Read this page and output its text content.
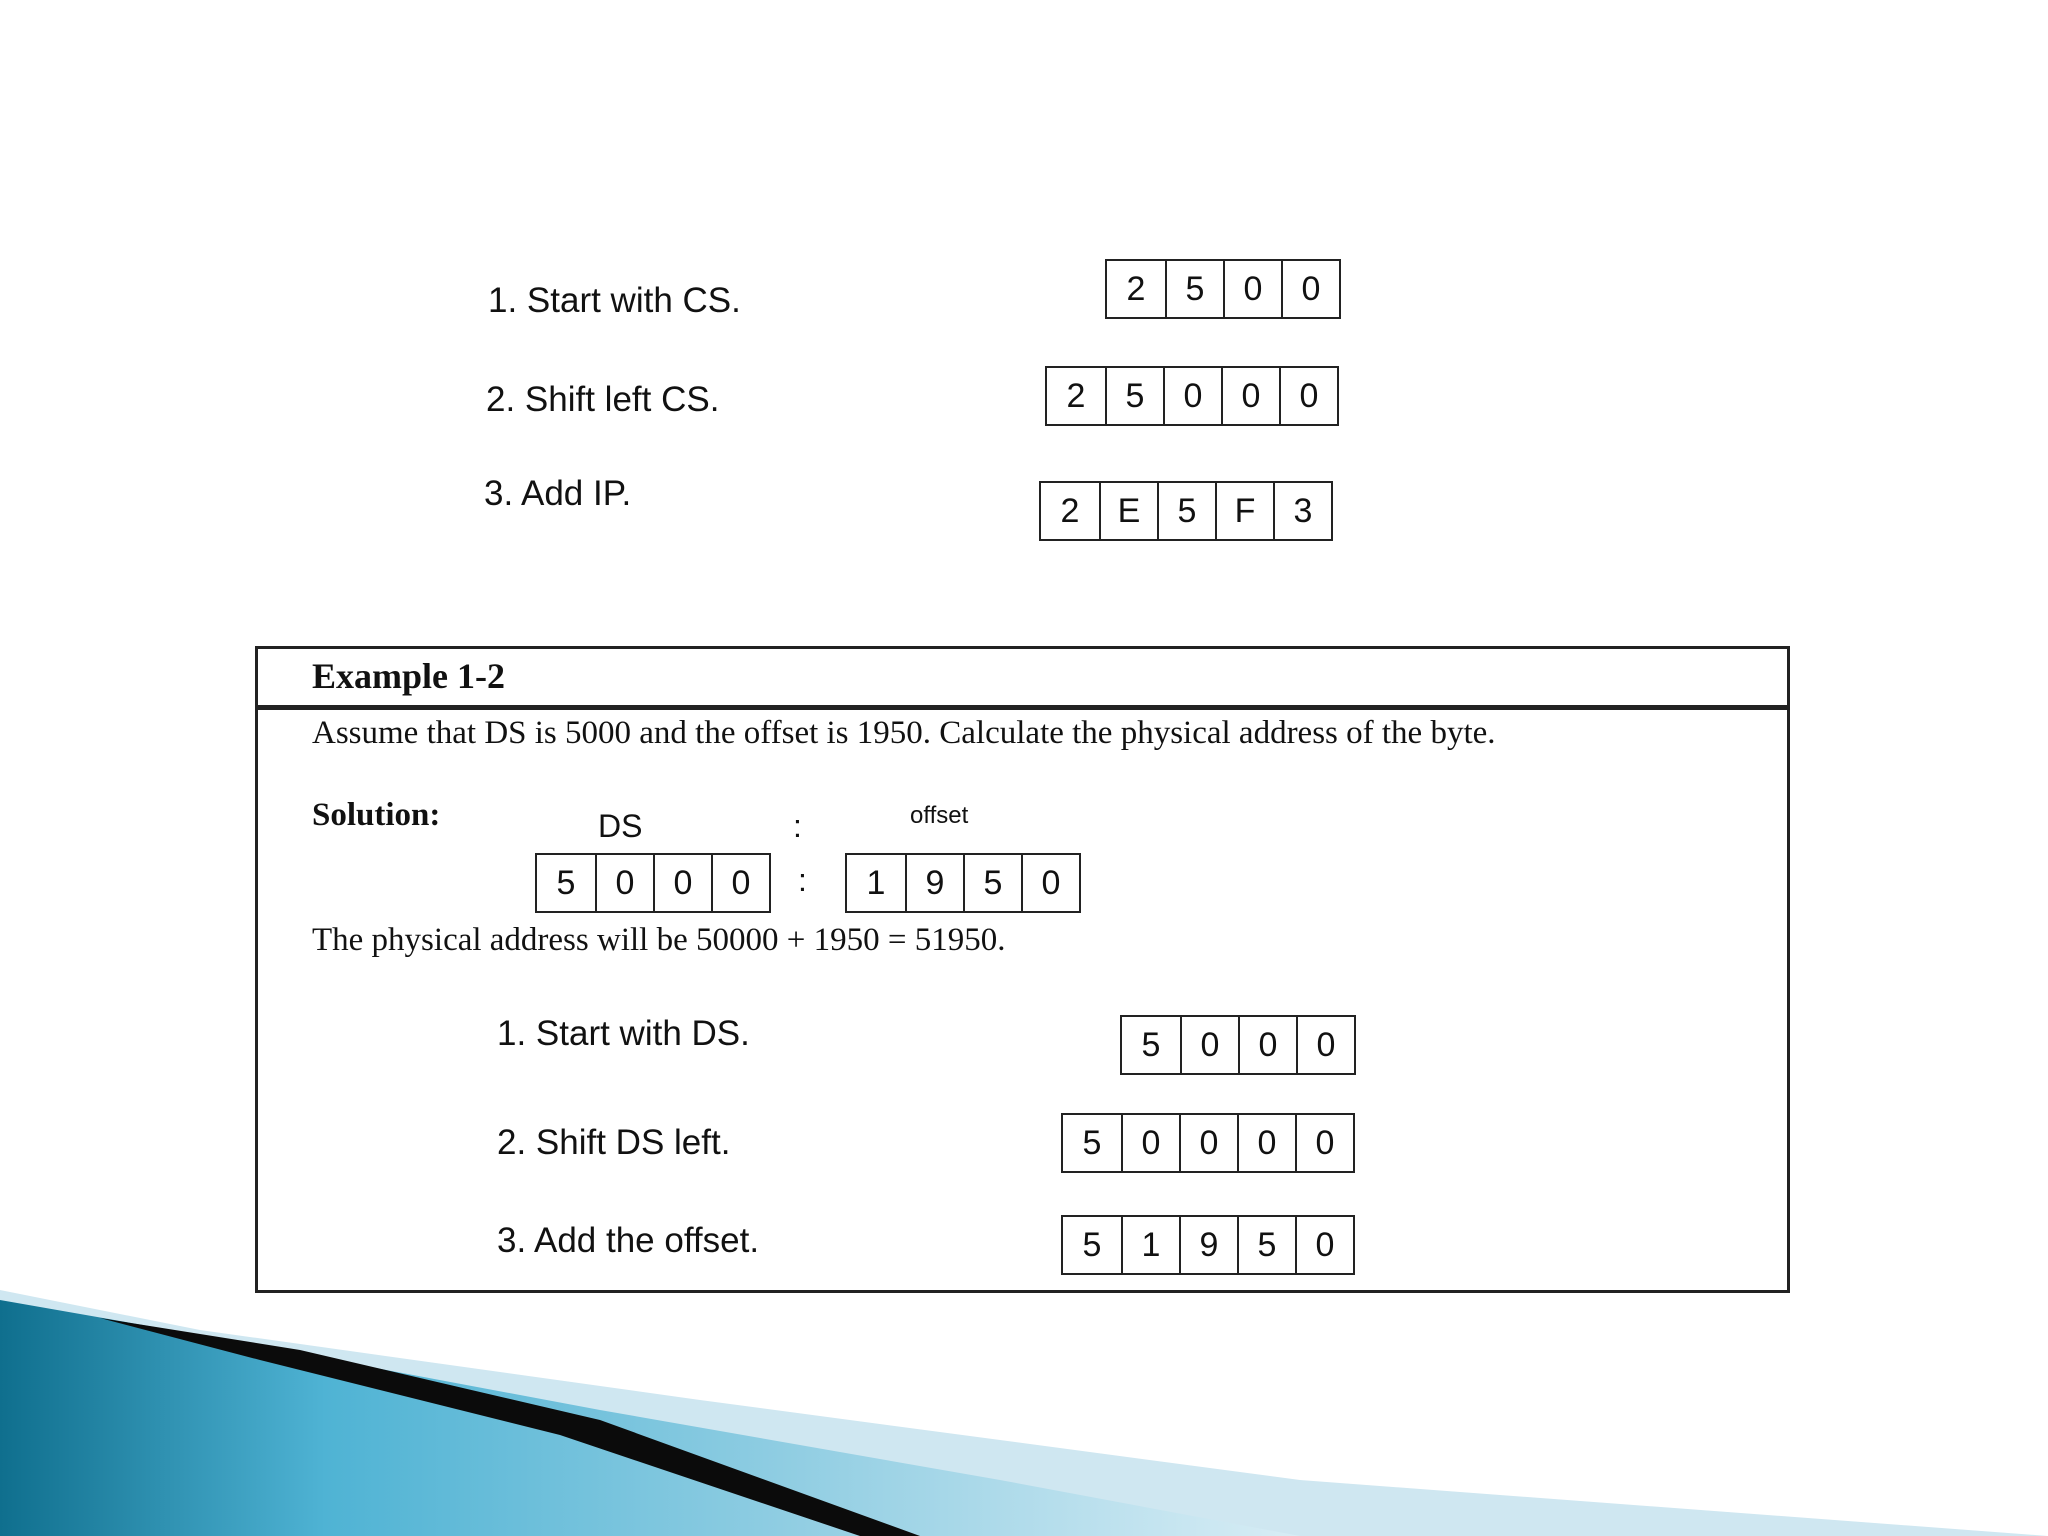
1. Start with CS.	2	5	0	0
2. Shift left CS.	2	5	0	0	0
3. Add IP.	2	E	5	F	3
Example 1-2
Assume that DS is 5000 and the offset is 1950. Calculate the physical address of the byte.
Solution:	DS	:	offset
5	0	0	0	:	1	9	5	0
The physical address will be 50000 + 1950 = 51950.
1. Start with DS.	5	0	0	0
2. Shift DS left.	5	0	0	0	0
3. Add the offset.	5	1	9	5	0
